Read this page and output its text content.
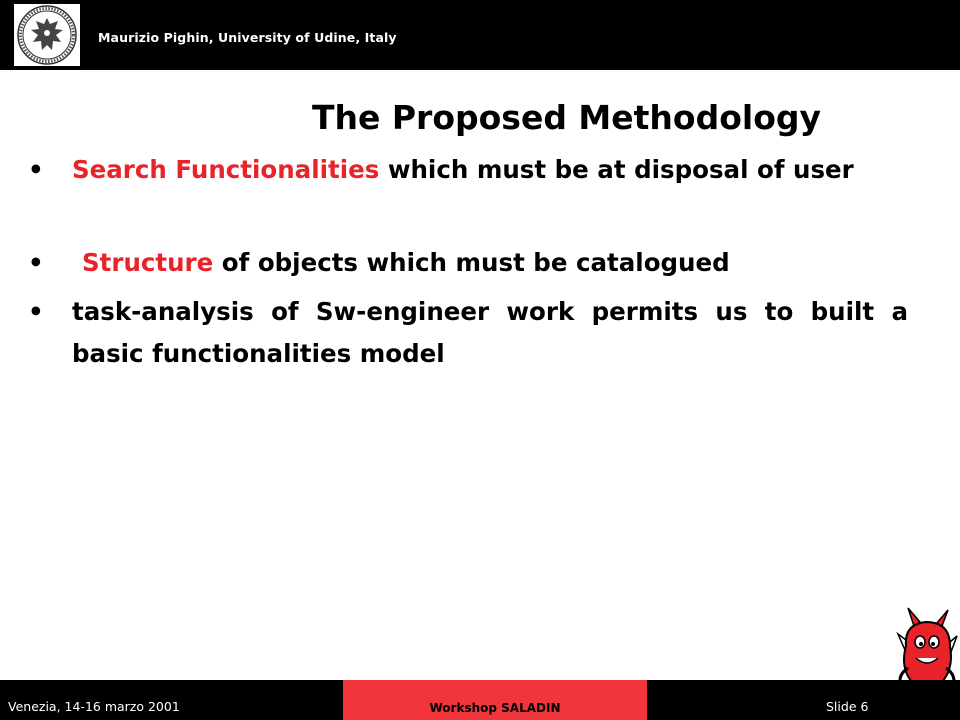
Maurizio Pighin, University of Udine, Italy
The Proposed Methodology
•	Search Functionalities which must be at disposal of user
•	Structure of objects which must be catalogued
•	task-analysis of Sw-engineer work permits us to built a basic functionalities model
Venezia, 14-16 marzo 2001	Workshop SALADIN	Slide 6
